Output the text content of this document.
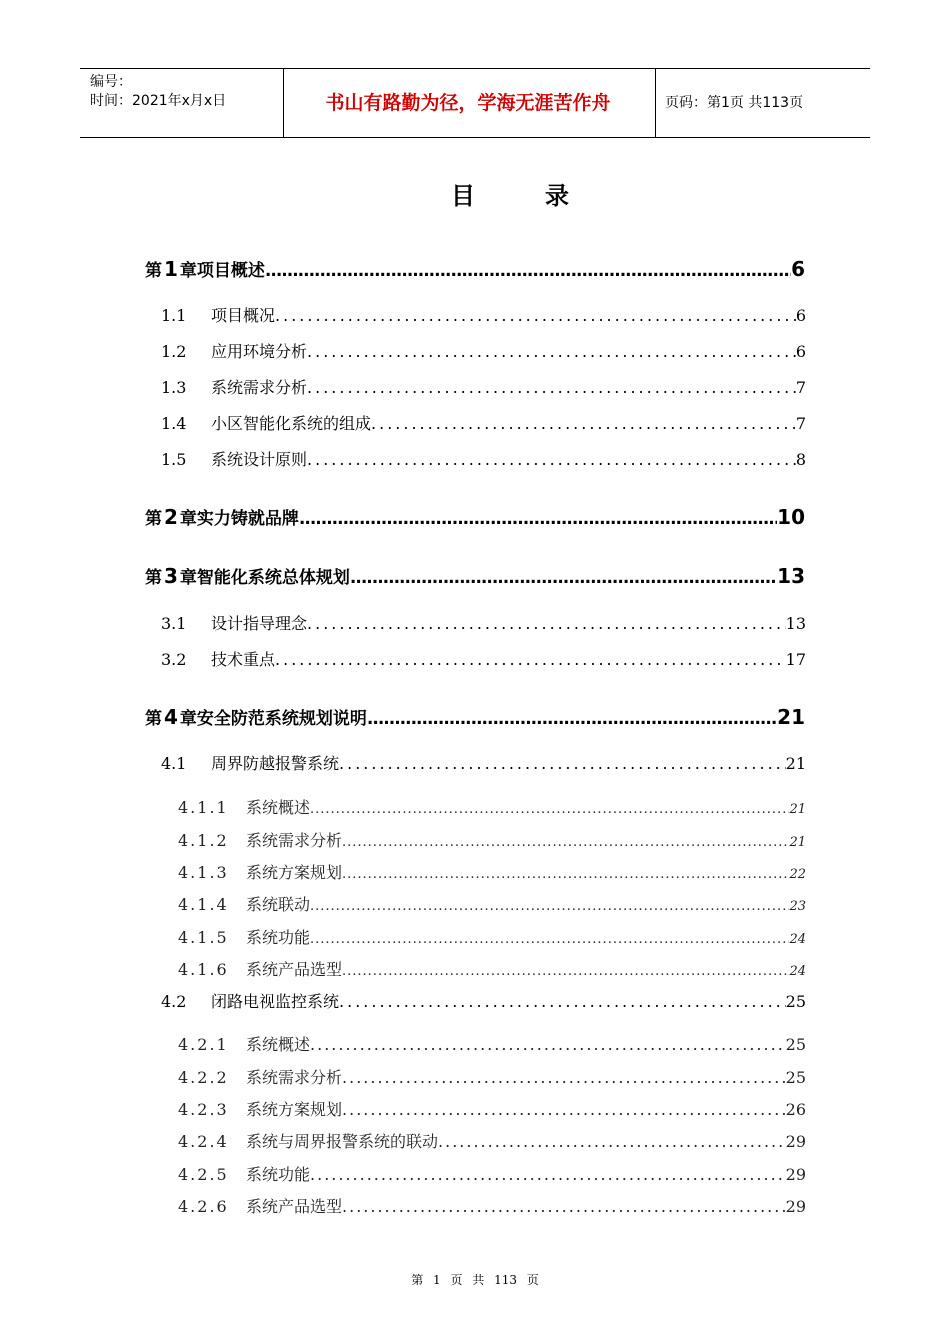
编号：
时间：2021年x月x日	书山有路勤为径，学海无涯苦作舟	页码：第1页 共113页
目录
第 1 章项目概述 .....	6
1.1	项目概况 .....	6
1.2	应用环境分析 .....	6
1.3	系统需求分析 .....	7
1.4	小区智能化系统的组成 .....	7
1.5	系统设计原则 .....	8
第 2 章实力铸就品牌 .....	10
第 3 章智能化系统总体规划 .....	13
3.1	设计指导理念 .....	13
3.2	技术重点 .....	17
第 4 章安全防范系统规划说明 .....	21
4.1	周界防越报警系统 .....	21
4.1.1	系统概述 .....	21
4.1.2	系统需求分析 .....	21
4.1.3	系统方案规划 .....	22
4.1.4	系统联动 .....	23
4.1.5	系统功能 .....	24
4.1.6	系统产品选型 .....	24
4.2	闭路电视监控系统 .....	25
4.2.1	系统概述 .....	25
4.2.2	系统需求分析 .....	25
4.2.3	系统方案规划 .....	26
4.2.4	系统与周界报警系统的联动 .....	29
4.2.5	系统功能 .....	29
4.2.6	系统产品选型 .....	29
第 1 页 共 113 页
